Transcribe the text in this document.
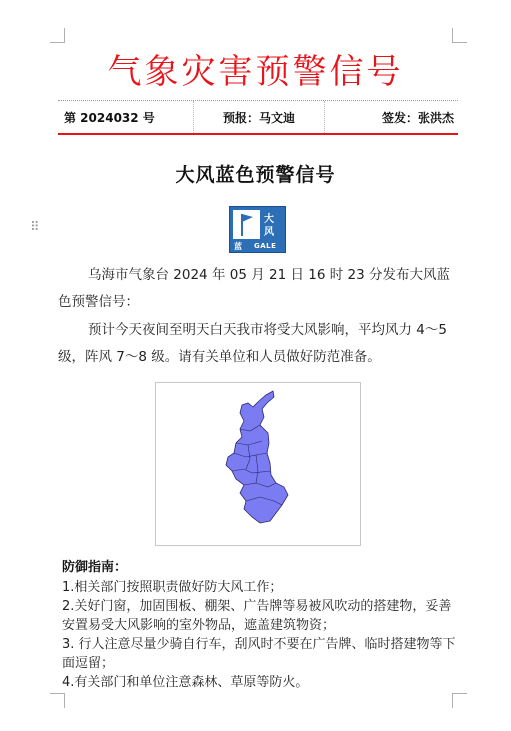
气象灾害预警信号
第 2024032 号	预报：马文迪	签发：张洪杰
大风蓝色预警信号
⠿
大
风
蓝 GALE
乌海市气象台 2024 年 05 月 21 日 16 时 23 分发布大风蓝色预警信号：
预计今天夜间至明天白天我市将受大风影响，平均风力 4～5 级，阵风 7～8 级。请有关单位和人员做好防范准备。
防御指南：

1.相关部门按照职责做好防大风工作；

2.关好门窗，加固围板、棚架、广告牌等易被风吹动的搭建物，妥善安置易受大风影响的室外物品，遮盖建筑物资；

3. 行人注意尽量少骑自行车，刮风时不要在广告牌、临时搭建物等下面逗留；

4.有关部门和单位注意森林、草原等防火。
